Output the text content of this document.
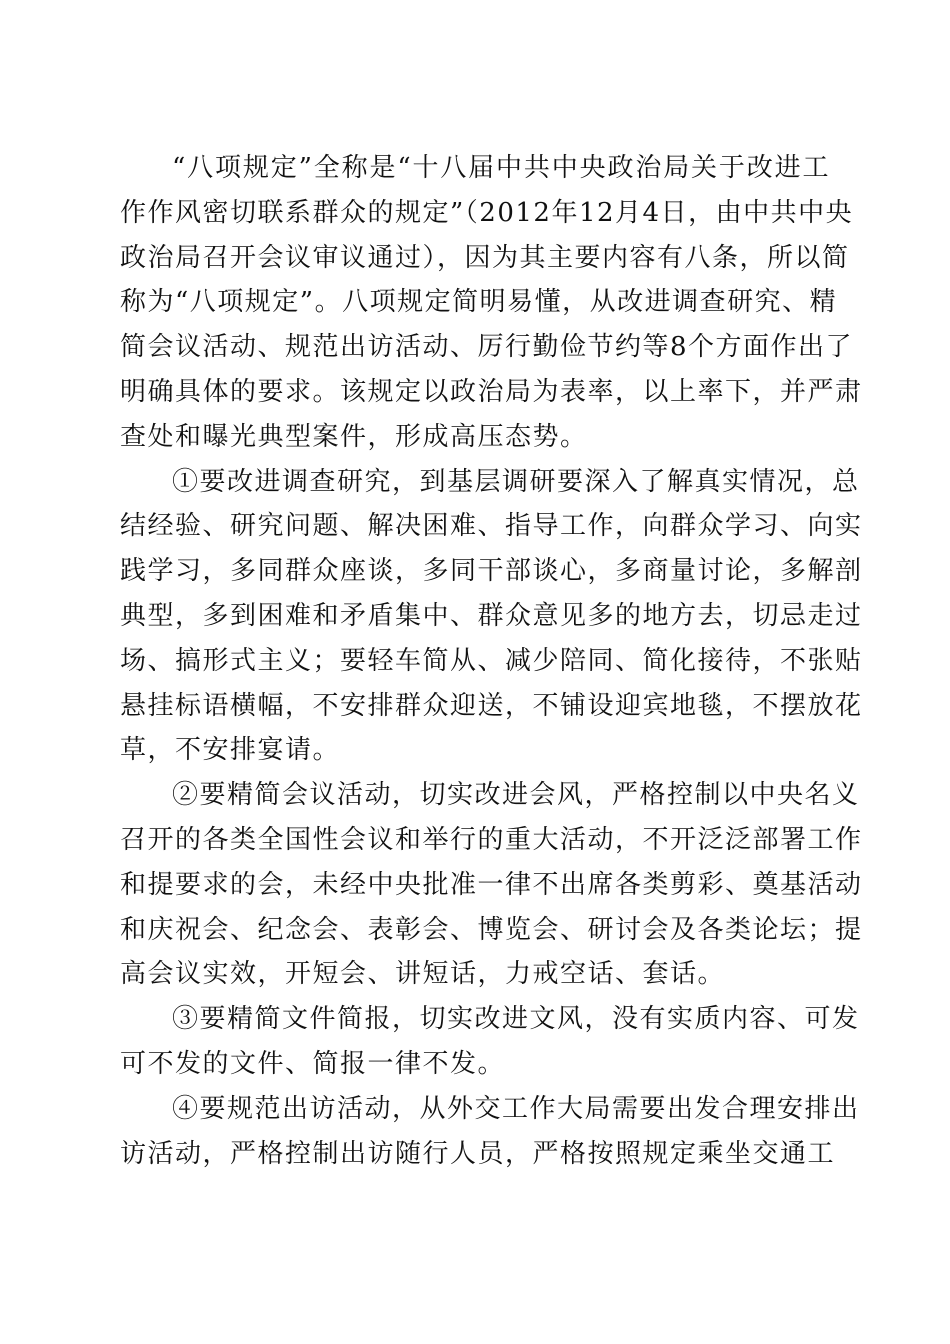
“八项规定”全称是“十八届中共中央政治局关于改进工
作作风密切联系群众的规定”（2012年12月4日，由中共中央
政治局召开会议审议通过），因为其主要内容有八条，所以简
称为“八项规定”。八项规定简明易懂，从改进调查研究、精
简会议活动、规范出访活动、厉行勤俭节约等8个方面作出了
明确具体的要求。该规定以政治局为表率，以上率下，并严肃
查处和曝光典型案件，形成高压态势。
①要改进调查研究，到基层调研要深入了解真实情况，总
结经验、研究问题、解决困难、指导工作，向群众学习、向实
践学习，多同群众座谈，多同干部谈心，多商量讨论，多解剖
典型，多到困难和矛盾集中、群众意见多的地方去，切忌走过
场、搞形式主义；要轻车简从、减少陪同、简化接待，不张贴
悬挂标语横幅，不安排群众迎送，不铺设迎宾地毯，不摆放花
草，不安排宴请。
②要精简会议活动，切实改进会风，严格控制以中央名义
召开的各类全国性会议和举行的重大活动，不开泛泛部署工作
和提要求的会，未经中央批准一律不出席各类剪彩、奠基活动
和庆祝会、纪念会、表彰会、博览会、研讨会及各类论坛；提
高会议实效，开短会、讲短话，力戒空话、套话。
③要精简文件简报，切实改进文风，没有实质内容、可发
可不发的文件、简报一律不发。
④要规范出访活动，从外交工作大局需要出发合理安排出
访活动，严格控制出访随行人员，严格按照规定乘坐交通工
